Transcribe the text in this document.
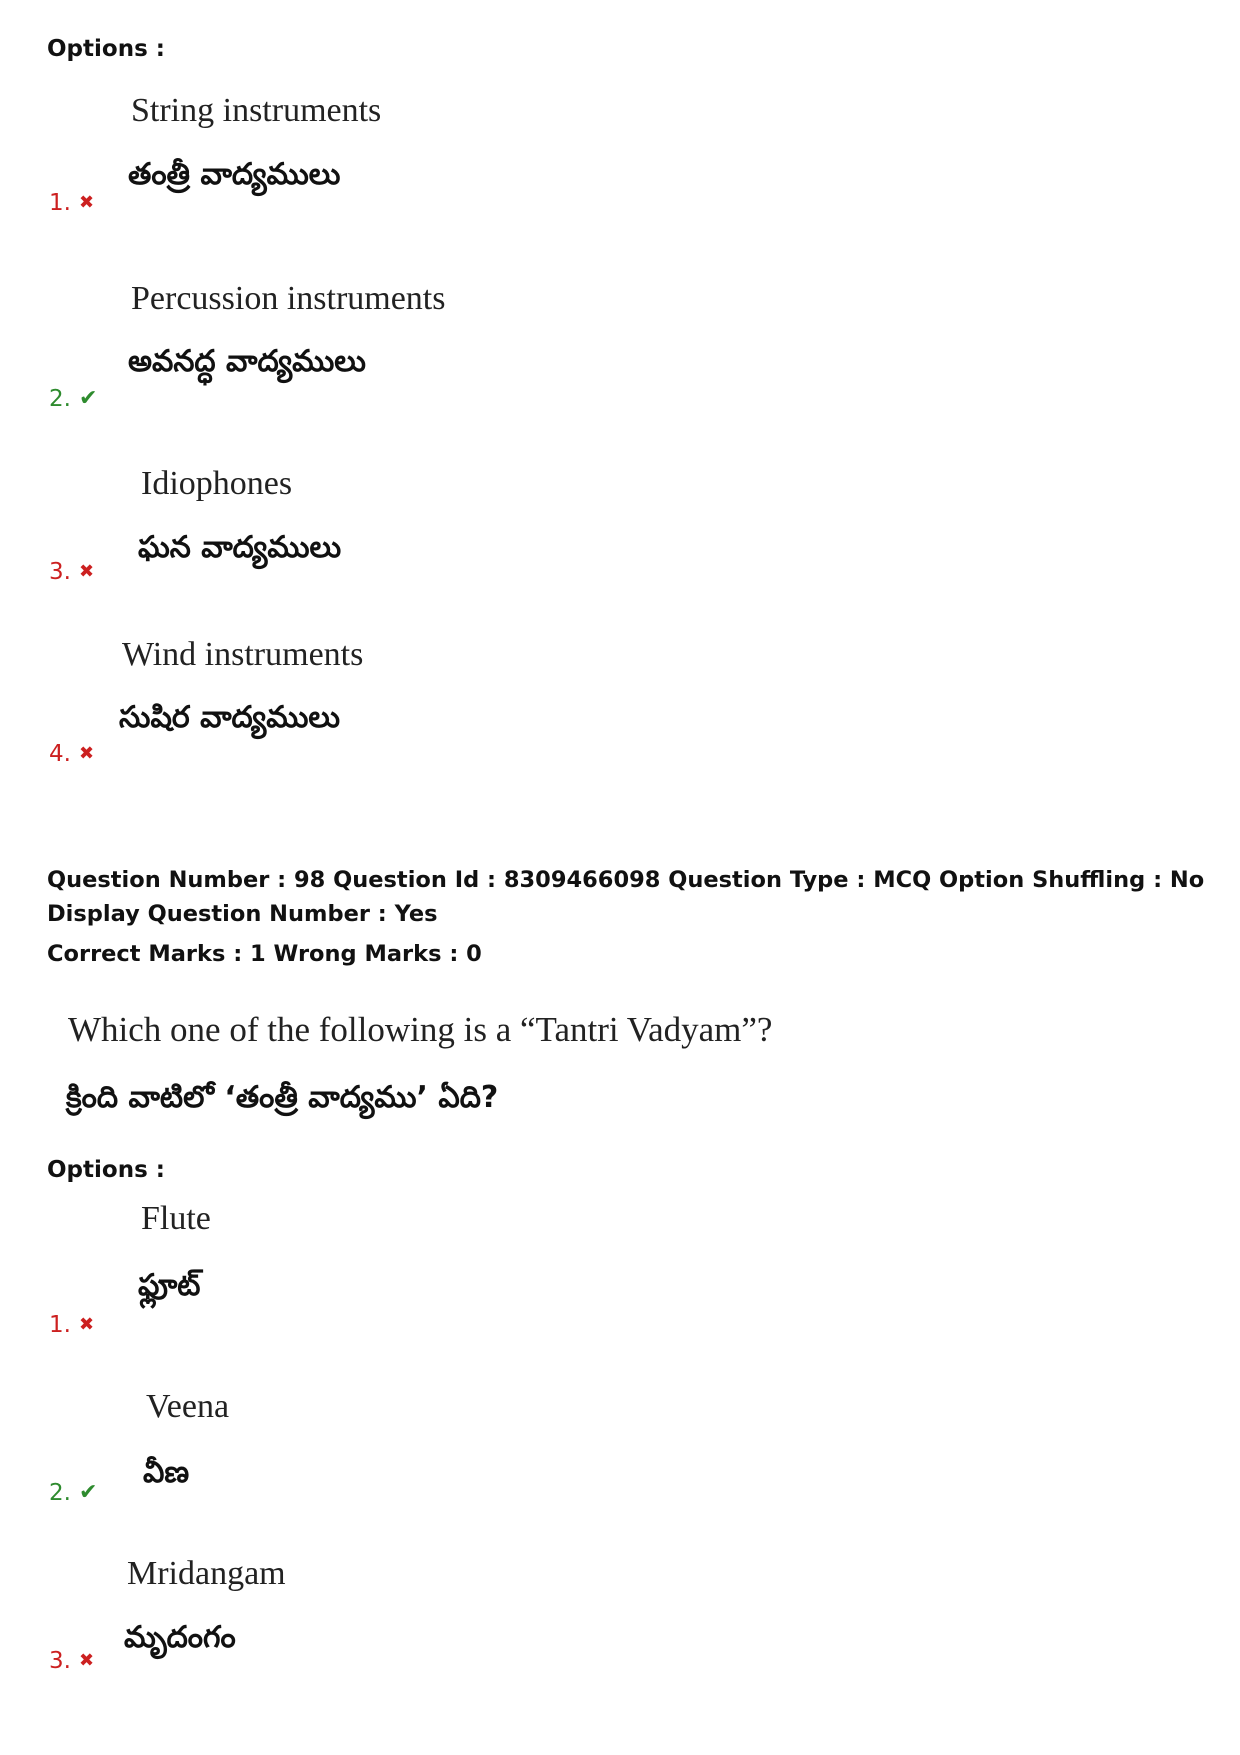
Options :
String instruments
తంత్రీ వాద్యములు
1. ✖
Percussion instruments
అవనద్ధ వాద్యములు
2. ✔
Idiophones
ఘన వాద్యములు
3. ✖
Wind instruments
సుషిర వాద్యములు
4. ✖
Question Number : 98 Question Id : 8309466098 Question Type : MCQ Option Shuffling : No
Display Question Number : Yes
Correct Marks : 1 Wrong Marks : 0
Which one of the following is a “Tantri Vadyam”?
క్రింది వాటిలో ‘తంత్రీ వాద్యము’ ఏది?
Options :
Flute
ఫ్లూట్
1. ✖
Veena
వీణ
2. ✔
Mridangam
మృదంగం
3. ✖
